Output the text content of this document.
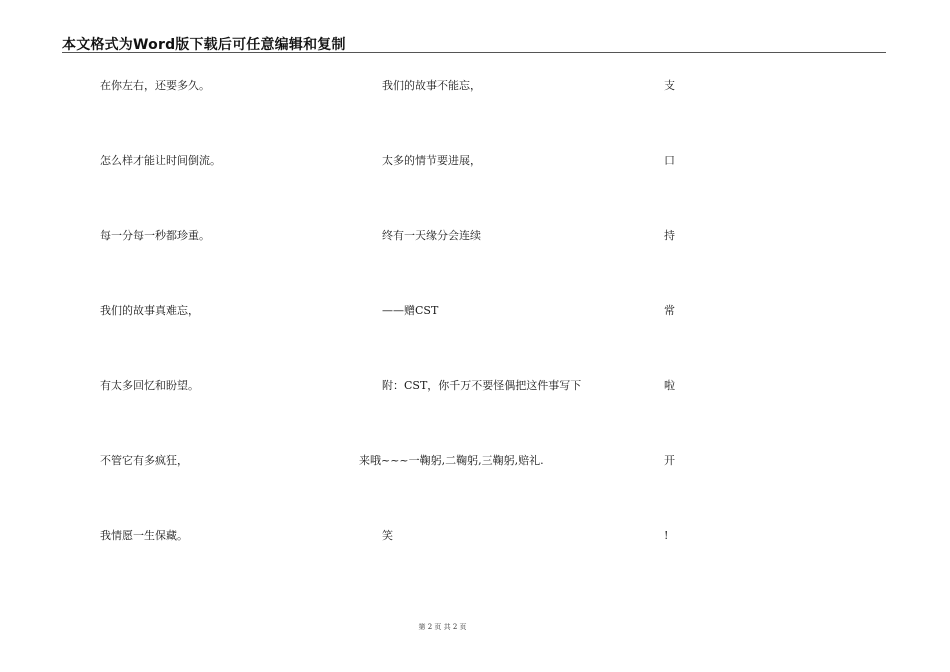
本文格式为Word版下载后可任意编辑和复制
在你左右，还要多久。
怎么样才能让时间倒流。
每一分每一秒都珍重。
我们的故事真难忘，
有太多回忆和盼望。
不管它有多疯狂，
我情愿一生保藏。
我们的故事不能忘，
太多的情节要进展，
终有一天缘分会连续
——赠CST
附：CST，你千万不要怪偶把这件事写下
来哦~~~一鞠躬,二鞠躬,三鞠躬,赔礼.
笑
支
口
持
常
啦
开
!
第 2 页 共 2 页
